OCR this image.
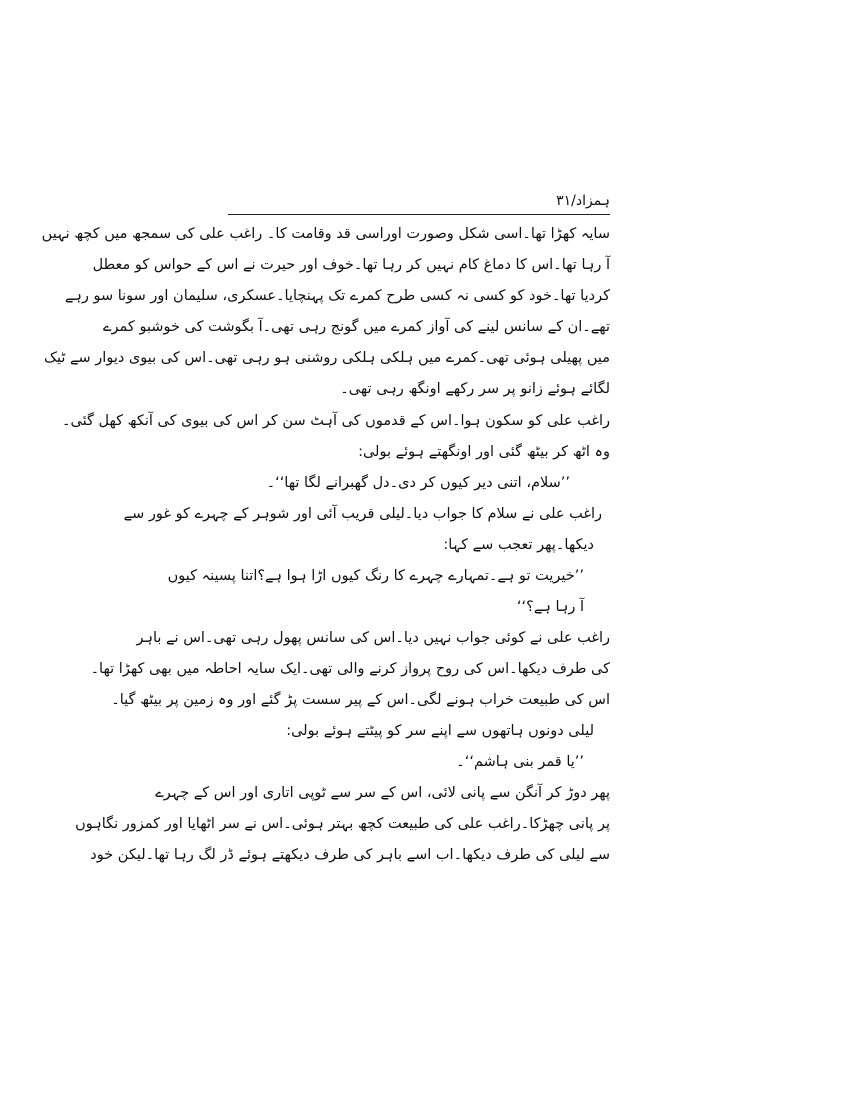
ہمزاد/۳۱
سایہ کھڑا تھا۔اسی شکل وصورت اوراسی قد وقامت کا۔ راغب علی کی سمجھ میں کچھ نہیں
آ رہا تھا۔اس کا دماغ کام نہیں کر رہا تھا۔خوف اور حیرت نے اس کے حواس کو معطل
کردیا تھا۔خود کو کسی نہ کسی طرح کمرے تک پہنچایا۔عسکری، سلیمان اور سونا سو رہے
تھے۔ان کے سانس لینے کی آواز کمرے میں گونج رہی تھی۔آ بگوشت کی خوشبو کمرے
میں پھیلی ہوئی تھی۔کمرے میں ہلکی ہلکی روشنی ہو رہی تھی۔اس کی بیوی دیوار سے ٹیک
لگائے ہوئے زانو پر سر رکھے اونگھ رہی تھی۔
راغب علی کو سکون ہوا۔اس کے قدموں کی آہٹ سن کر اس کی بیوی کی آنکھ کھل گئی۔
وہ اٹھ کر بیٹھ گئی اور اونگھتے ہوئے بولی:
’’سلام، اتنی دیر کیوں کر دی۔دل گھبرانے لگا تھا‘‘۔
راغب علی نے سلام کا جواب دیا۔لیلی قریب آئی اور شوہر کے چہرے کو غور سے
دیکھا۔پھر تعجب سے کہا:
’’خیریت تو ہے۔تمہارے چہرے کا رنگ کیوں اڑا ہوا ہے؟اتنا پسینہ کیوں
آ رہا ہے؟‘‘
راغب علی نے کوئی جواب نہیں دیا۔اس کی سانس پھول رہی تھی۔اس نے باہر
کی طرف دیکھا۔اس کی روح پرواز کرنے والی تھی۔ایک سایہ احاطہ میں بھی کھڑا تھا۔
اس کی طبیعت خراب ہونے لگی۔اس کے پیر سست پڑ گئے اور وہ زمین پر بیٹھ گیا۔
لیلی دونوں ہاتھوں سے اپنے سر کو پیٹتے ہوئے بولی:
’’یا قمر بنی ہاشم‘‘۔
پھر دوڑ کر آنگن سے پانی لائی، اس کے سر سے ٹوپی اتاری اور اس کے چہرے
پر پانی چھڑکا۔راغب علی کی طبیعت کچھ بہتر ہوئی۔اس نے سر اٹھایا اور کمزور نگاہوں
سے لیلی کی طرف دیکھا۔اب اسے باہر کی طرف دیکھتے ہوئے ڈر لگ رہا تھا۔لیکن خود
